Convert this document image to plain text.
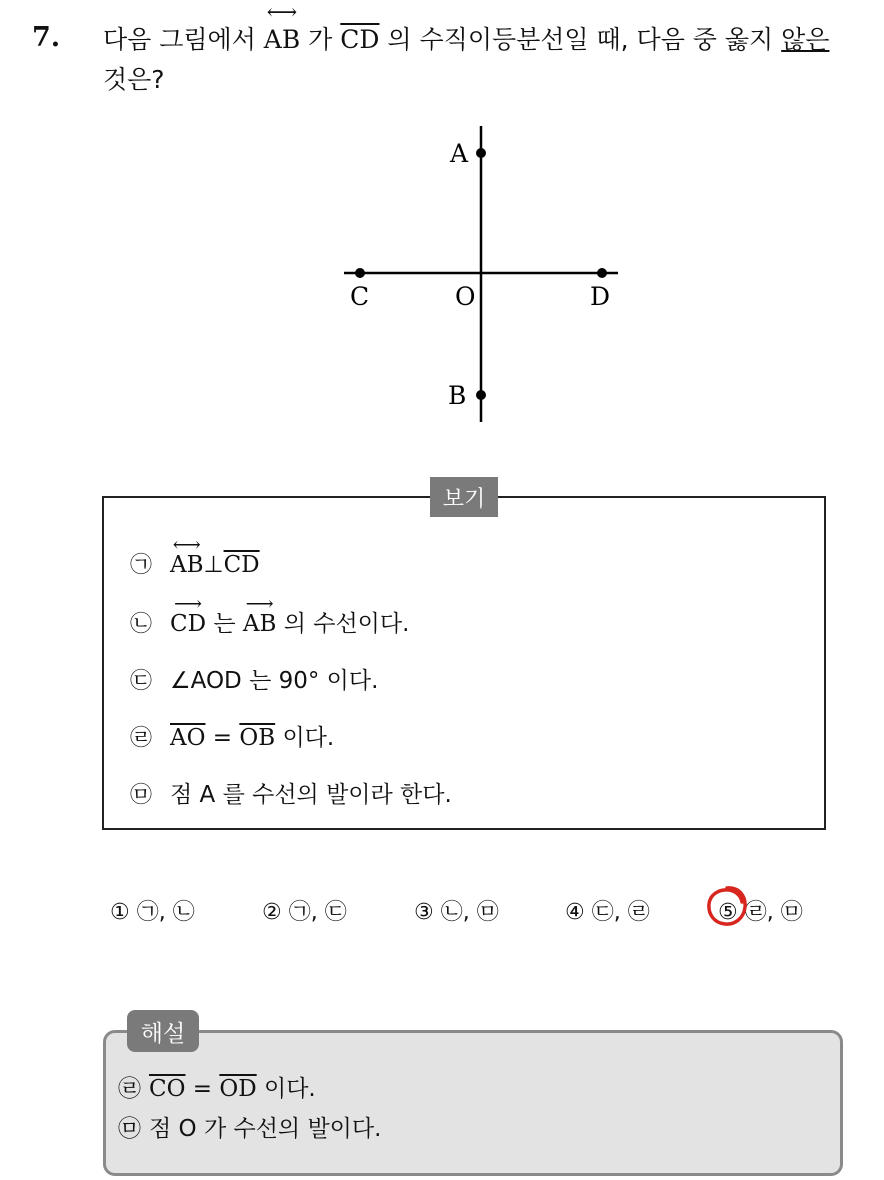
7. 다음 그림에서 ⟷ AB 가 $\overline{CD}$ 의 수직이등분선일 때, 다음 중 옳지 않은
것은?
A
B
C	D
O
보기
㉠ ⟷ $AB\perp\overline{CD}$
㉡ ⟶ CD 는 ⟶ AB 의 수선이다.
㉢ ∠AOD 는 90° 이다.
㉣ $\overline{AO} = \overline{OB}$ 이다.
㉤ 점 A 를 수선의 발이라 한다.
① ㉠, ㉡	② ㉠, ㉢	③ ㉡, ㉤	④ ㉢, ㉣	⑤ ㉣, ㉤
해설
㉣ $\overline{CO} = \overline{OD}$ 이다.
㉤ 점 O 가 수선의 발이다.
